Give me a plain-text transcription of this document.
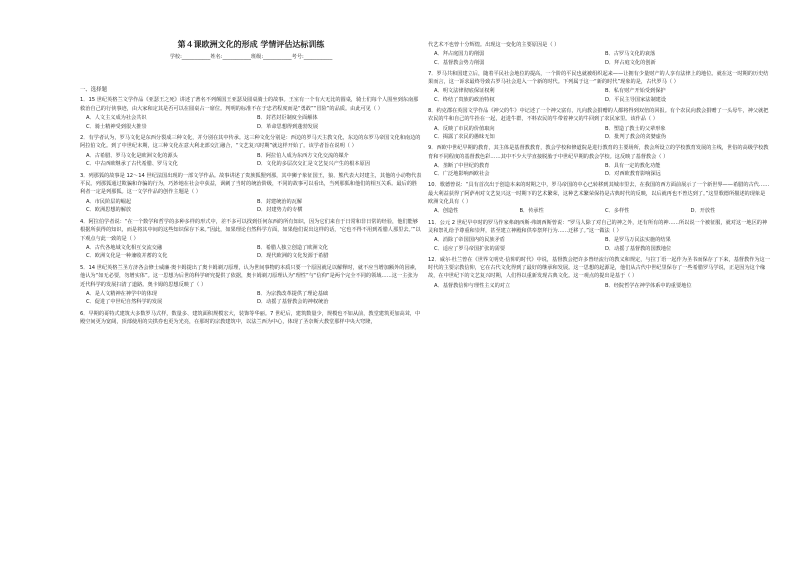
第４课欧洲文化的形成 学情评估达标训练
学校:___________姓名:___________班级:___________考号:___________
一、选择题

1．15 世纪英格兰文学作品《亚瑟王之死》讲述了著名不列颠国王亚瑟及圆桌骑士的故事。王室有一个有大无比的圆桌，骑士们每个人围坐到东南那救治自己的行侠事迹，由大家和定其是否可以在圆桌占一席位。判明的标准不在于忠君程度而是“勇敢”“冒险”的品质。由此可见（ ）

A．人文主义成为社会共识	B．封君封臣制度全面解体
C．骑士精神受到很大推崇	D．革命思想得到蓬勃发展

2．有学者认为，罗马文化是东西分裂成三种文化，并分别在其中传承。这三种文化分别是：西边的罗马天主教文化，东边的东罗马帝国文化和南边的阿拉伯文化。到了中世纪末期，这三种文化在意大利北部交汇融合，“文艺复兴时期”就这样开始了。该学者旨在说明（ ）

A．古希腊、罗马文化是欧洲文化的源头	B．阿拉伯人成为东西方文化交流的媒介
C．中古西欧继承了古代希腊、罗马文化	D．文化的多层次交汇是文艺复兴产生的根本原因

3．列那狐的故事是 12～14 世纪法国出现的一部文学作品。故事讲述了贵族狐狸列那，其中狮子象征国王，狼、熊代表大封建主，其他的小动物代表平民。列那狐通过欺骗和诈骗的行为，巧妙地在社会中获益，讽刺了当时的统治阶级，不同的故事可以看出，当列那狐和他们的相互关系。最后的胜利者一定是列那狐。这一文学作品的创作主题是（ ）

A．市民阶层的崛起	B．封建统治的瓦解
C．欧洲思想的解放	D．封建势力的专横

4．阿拉伯学者说：“在一个数学和哲学的多种多样的形式中，差不多可以找到任何东西的所有知识，因为它们来自于日常和非日常的经验，他们能够根据所获得的知识，而是将其中间的这些知识保存下来。”因此，如果理论自然科学方面，如果他们说出这样的话，‘它也不得不用到希腊人那里去。’”以下观点与此一致的是（ ）

A．古代各地域文化相互交流交融	B．希腊人独立创造了欧洲文化
C．欧洲文化是一种兼收并蓄的文化	D．现代欧洲的文化发源于希腊

5．14 世纪英格兰圣方济各会修士威廉·奥卡姆提出了奥卡姆剃刀原理，认为世间事物的本质只要一个原因就足以解释时，就不应当增加额外的因素，他认为“如无必要，勿增实体”。这一思想为后世的科学研究提供了依据，奥卡姆剃刀原理认为“理性”与“信仰”是两个完全不同的领域……这一主张为近代科学的发展扫清了道路。奥卡姆的思想反映了（ ）

A．是人文精神在神学中的体现	B．为宗教改革提供了理论基础
C．促进了中世纪自然科学的发展	D．动摇了基督教会的神权统治

6．早期的哥特式建筑大多数罗马式样，数量多、建筑面积规模宏大，装饰等华丽。7 世纪后，建筑数量少，规模也不如从前，教堂建筑更加高耸，中殿空间更为宽阔，顶部使用的尖拱券也更为光亮，在那时的宗教建筑中，以法兰西为中心，体现了圣奈斯大教堂那样中央大穹隆，

代艺术不也曾十分辉煌。出现这一变化的主要原因是（ ）

A．拜占庭国力的削弱	B．古罗马文化的衰落
C．基督教会势力削弱	D．拜占庭文化的创新

7．罗马共和国建立后，随着平民社会地位的提高，一个阶的平民也就被组织起来——让拥有少量财产的人享有法律上的地位。就在这一时期的历史结果而言，这一诉求最终导致古罗马社会进入一个新的时代。下列属于这一“新的时代”现象的是，古代罗马（ ）

A．明文法律彻底保证权利	B．私有财产开始受到保护
C．终结了贵族的政治特权	D．平民主导国家法制建设

8．约克郡在英国文学作品《神父的牛》中记述了一个神父富有，凡向教会捐赠的人都将得到双倍的回报。有个农民向教会捐赠了一头母牛，神父就把农民的牛和自己的牛拴在一起，赶进牛群，不料农民的牛带着神父的牛回到了农民家里。该作品（ ）

A．反映了市民的价值取向	B．塑造了教士的父辈形象
C．揭露了农民的愚昧无知	D．批判了教会的贪婪虚伪

9．西欧中世纪早期的教育，其主体是基督教教育，教会学校和修道院是进行教育的主要场所，教会所设立的学校教育发展的主线，世俗的高级学校教育和不同程度的基督教色彩……其中不少大学直接脱胎于中世纪早期的教会学校。这反映了基督教会（ ）

A．垄断了中世纪的教育	B．具有一定的教化功能
C．广泛地影响西欧社会	D．对西欧教育影响深远

10．歌德曾说：“具有首次出于创造本来的时期之中，罗马帝国的中心已转移到其城市里去，在我国的西方面前展示了一个新世界——希腊的古代……最大利益获得了阿萨州对文艺复兴这一时期下的艺术繁荣，这种艺术繁荣保持是古典时代的反映，以后就再也不曾达到了。”这里歌德所描述的现象是欧洲文化具有（ ）

A．创造性	B．传承性	C．多样性	D．开放性

11．公元 2 世纪早中时的罗马作家弗朗西斯·弗朗西斯曾说：“罗马人除了对自己的神之外，还有所有的神……所以说一个被征服，就对这一地区的神灵和祭礼给予尊重和崇拜，甚至建立神殿和供奉祭拜行为……迁移了。”这一做法（ ）

A．消除了帝国国内的民族矛盾	B．是罗马万民法实施的结果
C．适应了罗马帝国扩张的需要	D．动摇了基督教的国教地位

12．威尔·杜兰曾在《世界文明史·信仰的时代》中说，基督教会把许多曾经流行的教义和规定，与拉丁语一起作为圣书而保存了下来，基督教作为这一时代的主要宗教信仰，它在古代文化得到了最好的继承和发展。这一思想的起源是，他们从古代中世纪里保存了一些希腊罗马学说，正是因为这个缘故，在中世纪下的文艺复兴时期，人们得以重新发现古典文化。这一观点的提出是基于（ ）

A．基督教信仰与理性主义的对立	B．经院哲学在神学体系中的重要地位
